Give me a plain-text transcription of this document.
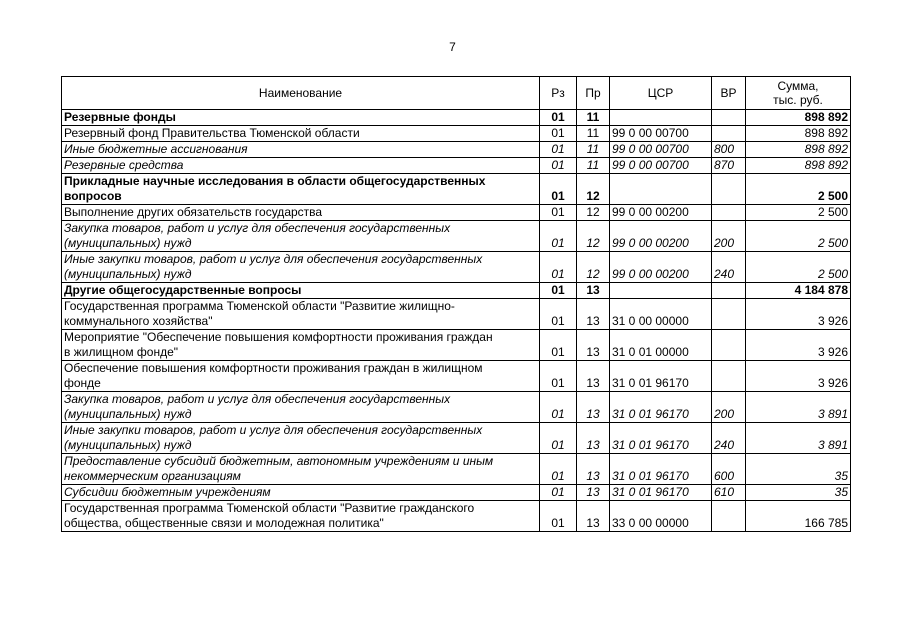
7
Наименование	Рз	Пр	ЦСР	ВР	Сумма,
тыс. руб.

Резервные фонды	01	11			898 892

Резервный фонд Правительства Тюменской области	01	11	99 0 00 00700		898 892

Иные бюджетные ассигнования	01	11	99 0 00 00700	800	898 892

Резервные средства	01	11	99 0 00 00700	870	898 892

Прикладные научные исследования в области общегосударственных
вопросов	01	12			2 500

Выполнение других обязательств государства	01	12	99 0 00 00200		2 500

Закупка товаров, работ и услуг для обеспечения государственных
(муниципальных) нужд	01	12	99 0 00 00200	200	2 500

Иные закупки товаров, работ и услуг для обеспечения государственных
(муниципальных) нужд	01	12	99 0 00 00200	240	2 500

Другие общегосударственные вопросы	01	13			4 184 878

Государственная программа Тюменской области "Развитие жилищно-
коммунального хозяйства"	01	13	31 0 00 00000		3 926

Мероприятие "Обеспечение повышения комфортности проживания граждан
в жилищном фонде"	01	13	31 0 01 00000		3 926

Обеспечение повышения комфортности проживания граждан в жилищном
фонде	01	13	31 0 01 96170		3 926

Закупка товаров, работ и услуг для обеспечения государственных
(муниципальных) нужд	01	13	31 0 01 96170	200	3 891

Иные закупки товаров, работ и услуг для обеспечения государственных
(муниципальных) нужд	01	13	31 0 01 96170	240	3 891

Предоставление субсидий бюджетным, автономным учреждениям и иным
некоммерческим организациям	01	13	31 0 01 96170	600	35

Субсидии бюджетным учреждениям	01	13	31 0 01 96170	610	35

Государственная программа Тюменской области "Развитие гражданского
общества, общественные связи и молодежная политика"	01	13	33 0 00 00000		166 785
